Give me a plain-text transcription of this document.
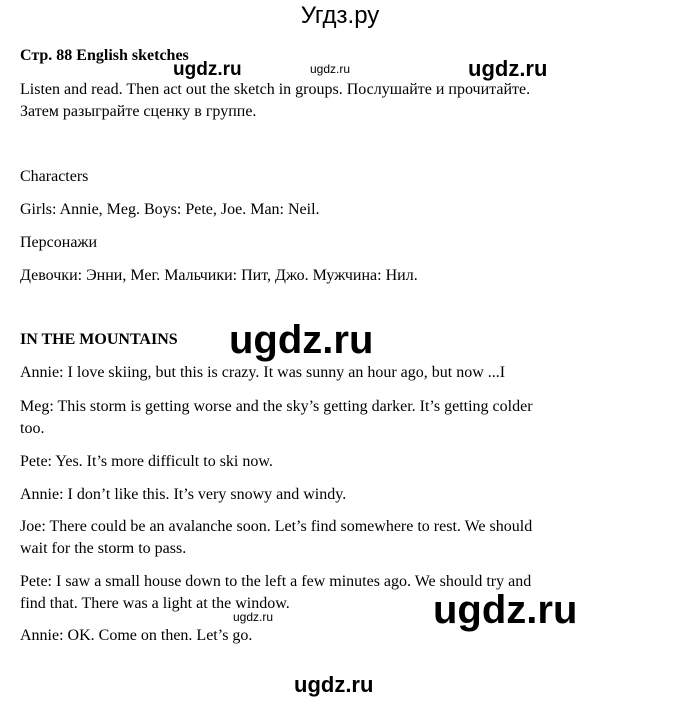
Угдз.ру
Стр. 88 English sketches
ugdz.ru	ugdz.ru	ugdz.ru
Listen and read. Then act out the sketch in groups. Послушайте и прочитайте.
Затем разыграйте сценку в группе.
Characters
Girls: Annie, Meg. Boys: Pete, Joe. Man: Neil.
Персонажи
Девочки: Энни, Мег. Мальчики: Пит, Джо. Мужчина: Нил.
IN THE MOUNTAINS ugdz.ru
Annie: I love skiing, but this is crazy. It was sunny an hour ago, but now ...I
Meg: This storm is getting worse and the sky’s getting darker. It’s getting colder
too.
Pete: Yes. It’s more difficult to ski now.
Annie: I don’t like this. It’s very snowy and windy.
Joe: There could be an avalanche soon. Let’s find somewhere to rest. We should
wait for the storm to pass.
Pete: I saw a small house down to the left a few minutes ago. We should try and
find that. There was a light at the window.	ugdz.ru
ugdz.ru
Annie: OK. Come on then. Let’s go.
ugdz.ru
